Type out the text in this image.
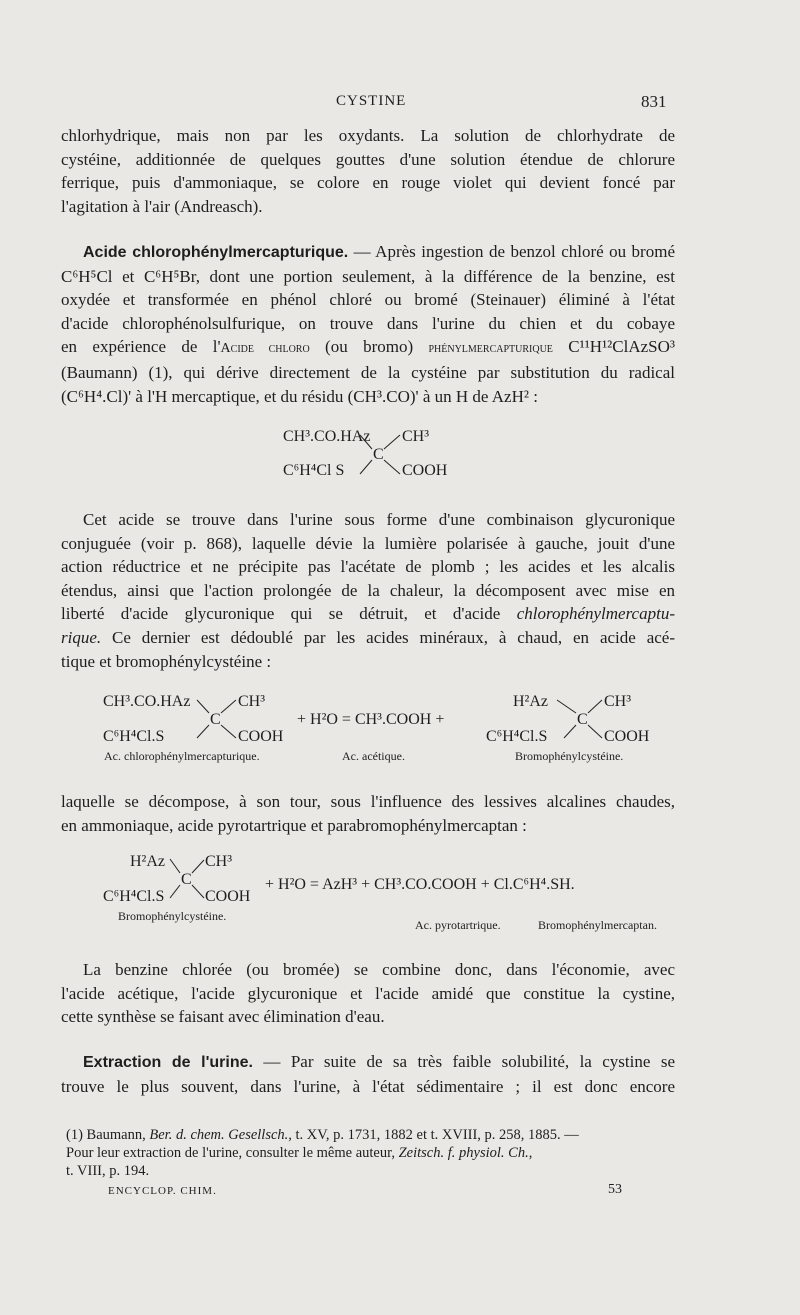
CYSTINE	831
chlorhydrique, mais non par les oxydants. La solution de chlorhydrate de
cystéine, additionnée de quelques gouttes d'une solution étendue de chlorure
ferrique, puis d'ammoniaque, se colore en rouge violet qui devient foncé par
l'agitation à l'air (Andreasch).
Acide chlorophénylmercapturique. — Après ingestion de benzol chloré ou bromé
C⁶H⁵Cl et C⁶H⁵Br, dont une portion seulement, à la différence de la benzine, est
oxydée et transformée en phénol chloré ou bromé (Steinauer) éliminé à l'état
d'acide chlorophénolsulfurique, on trouve dans l'urine du chien et du cobaye
en expérience de l'Acide chloro (ou bromo) phénylmercapturique C¹¹H¹²ClAzSO³
(Baumann) (1), qui dérive directement de la cystéine par substitution du radical
(C⁶H⁴.Cl)' à l'H mercaptique, et du résidu (CH³.CO)' à un H de AzH² :
CH³.CO.HAz CH³
C
C⁶H⁴Cl S	COOH
Cet acide se trouve dans l'urine sous forme d'une combinaison glycuronique
conjuguée (voir p. 868), laquelle dévie la lumière polarisée à gauche, jouit d'une
action réductrice et ne précipite pas l'acétate de plomb ; les acides et les alcalis
étendus, ainsi que l'action prolongée de la chaleur, la décomposent avec mise en
liberté d'acide glycuronique qui se détruit, et d'acide chlorophénylmercaptu-
rique. Ce dernier est dédoublé par les acides minéraux, à chaud, en acide acé-
tique et bromophénylcystéine :
CH³.CO.HAz	CH³
C
C⁶H⁴Cl.S	COOH
+ H²O = CH³.COOH +
H²Az	CH³
C
C⁶H⁴Cl.S	COOH
Ac. chlorophénylmercapturique.	Ac. acétique.	Bromophénylcystéine.
laquelle se décompose, à son tour, sous l'influence des lessives alcalines chaudes,
en ammoniaque, acide pyrotartrique et parabromophénylmercaptan :
H²Az CH³
C
C⁶H⁴Cl.S	COOH
+ H²O = AzH³ + CH³.CO.COOH + Cl.C⁶H⁴.SH.
Bromophénylcystéine.
Ac. pyrotartrique.	Bromophénylmercaptan.
La benzine chlorée (ou bromée) se combine donc, dans l'économie, avec
l'acide acétique, l'acide glycuronique et l'acide amidé que constitue la cystine,
cette synthèse se faisant avec élimination d'eau.
Extraction de l'urine. — Par suite de sa très faible solubilité, la cystine se
trouve le plus souvent, dans l'urine, à l'état sédimentaire ; il est donc encore
(1) Baumann, Ber. d. chem. Gesellsch., t. XV, p. 1731, 1882 et t. XVIII, p. 258, 1885. —
Pour leur extraction de l'urine, consulter le même auteur, Zeitsch. f. physiol. Ch.,
t. VIII, p. 194.
ENCYCLOP. CHIM.	53
